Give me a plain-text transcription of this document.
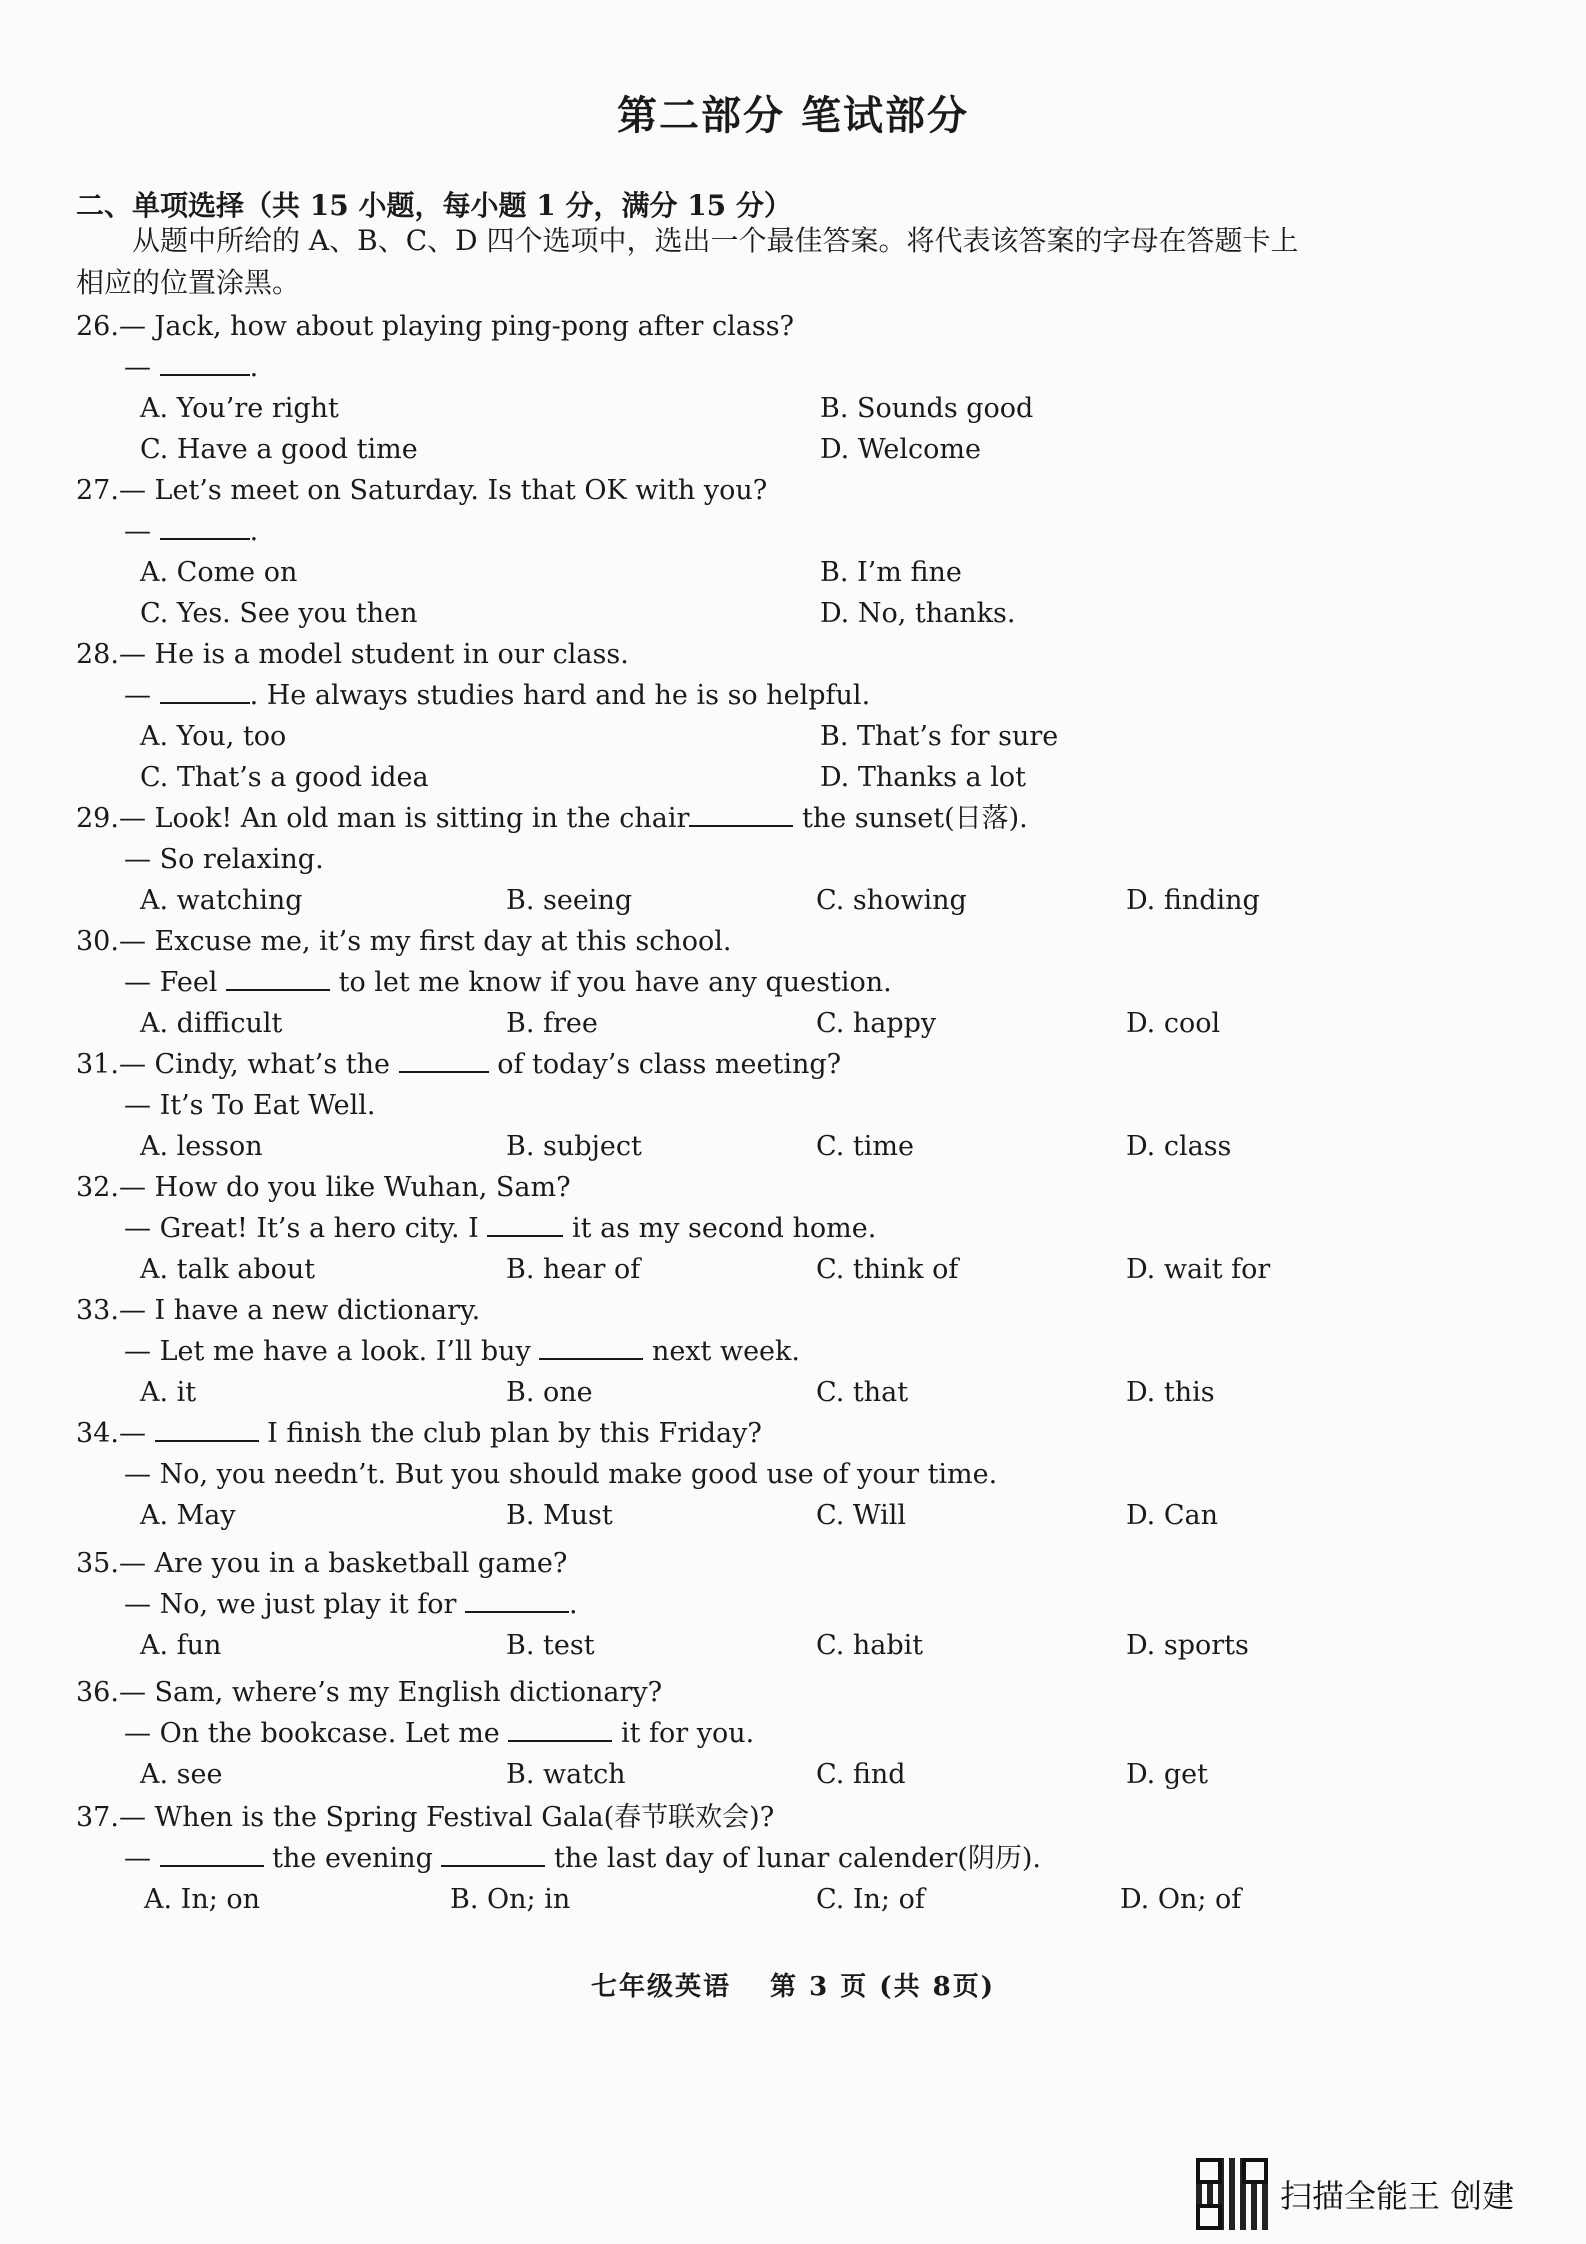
第二部分 笔试部分
二、单项选择（共 15 小题，每小题 1 分，满分 15 分）
从题中所给的 A、B、C、D 四个选项中，选出一个最佳答案。将代表该答案的字母在答题卡上相应的位置涂黑。
26.— Jack, how about playing ping-pong after class?
—	.
A. You’re right	B. Sounds good
C. Have a good time	D. Welcome
27.— Let’s meet on Saturday. Is that OK with you?
—	.
A. Come on	B. I’m fine
C. Yes. See you then	D. No, thanks.
28.— He is a model student in our class.
—	. He always studies hard and he is so helpful.
A. You, too	B. That’s for sure
C. That’s a good idea	D. Thanks a lot
29.— Look! An old man is sitting in the chair	the sunset(日落).
— So relaxing.
A. watching	B. seeing	C. showing	D. finding
30.— Excuse me, it’s my first day at this school.
— Feel	to let me know if you have any question.
A. difficult	B. free	C. happy	D. cool
31.— Cindy, what’s the	of today’s class meeting?
— It’s To Eat Well.
A. lesson	B. subject	C. time	D. class
32.— How do you like Wuhan, Sam?
— Great! It’s a hero city. I	it as my second home.
A. talk about	B. hear of	C. think of	D. wait for
33.— I have a new dictionary.
— Let me have a look. I’ll buy	next week.
A. it	B. one	C. that	D. this
34.—	I finish the club plan by this Friday?
— No, you needn’t. But you should make good use of your time.
A. May	B. Must	C. Will	D. Can
35.— Are you in a basketball game?
— No, we just play it for	.
A. fun	B. test	C. habit	D. sports
36.— Sam, where’s my English dictionary?
— On the bookcase. Let me	it for you.
A. see	B. watch	C. find	D. get
37.— When is the Spring Festival Gala(春节联欢会)?
—	the evening	the last day of lunar calender(阴历).
A. In; on	B. On; in	C. In; of	D. On; of
七年级英语 第 3 页 (共 8页)
扫描全能王 创建
